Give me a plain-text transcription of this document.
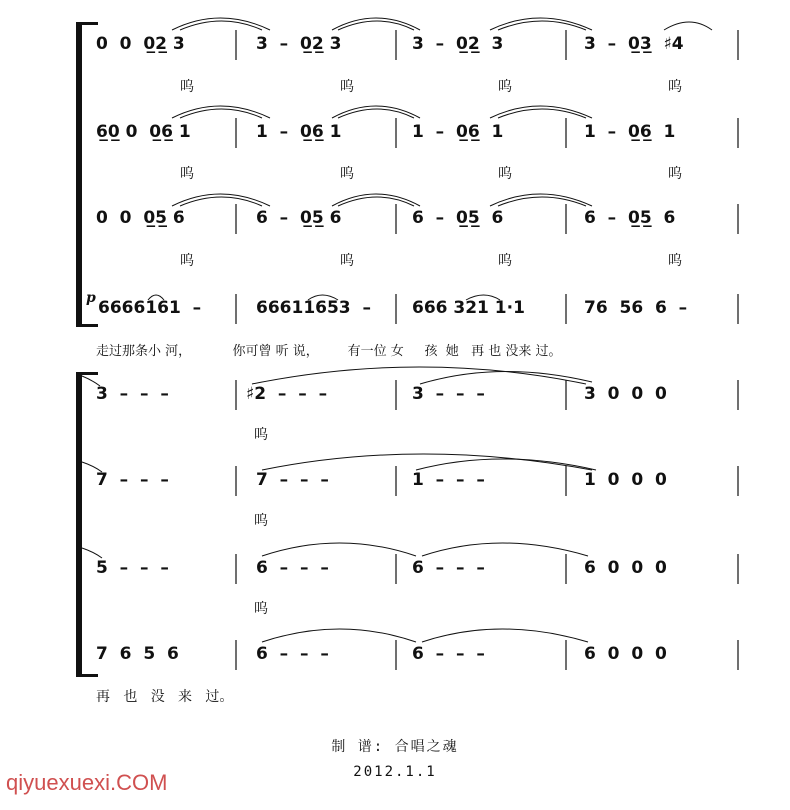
0  0  0̲2̲ 3	3  –  0̲2̲ 3	3  –  0̲2̲  3	3  –  0̲3̲  ♯4
呜	呜	呜	呜
6̲0̲ 0  0̲6̲ 1	1  –  0̲6̲ 1	1  –  0̲6̲  1	1  –  0̲6̲  1
呜	呜	呜	呜
0  0  0̲5̲ 6	6  –  0̲5̲ 6	6  –  0̲5̲  6	6  –  0̲5̲  6
呜	呜	呜	呜
p 6666161  –	66611653  – 666 321 1·1	76  56  6  –
走过那条小 河，          你可曾 听 说，       有一位 女     孩  她   再 也 没来 过。
3  –  –  –	♯2  –  –  –	3  –  –  –	3  0  0  0
呜
7  –  –  –	7  –  –  –	1  –  –  –	1  0  0  0
呜
5  –  –  –	6  –  –  –	6  –  –  –	6  0  0  0
呜
7  6  5  6	6  –  –  –	6  –  –  –	6  0  0  0
再   也   没   来   过。
制 谱: 合唱之魂
2012.1.1
qiyuexuexi.COM
